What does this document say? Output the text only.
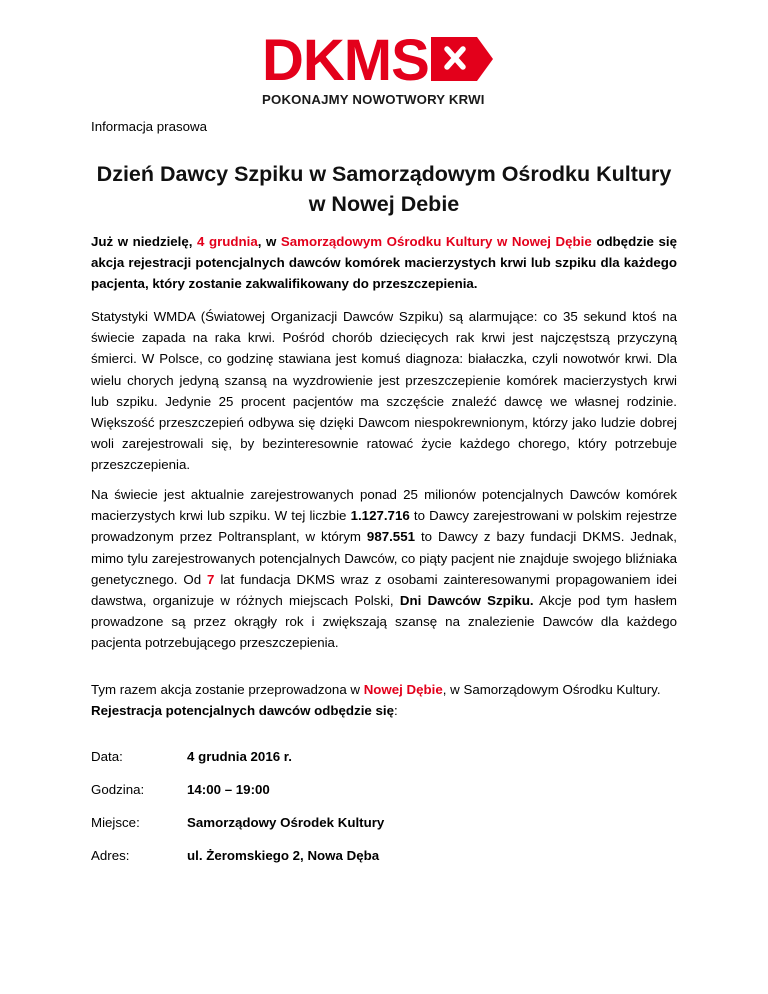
DKMS
POKONAJMY NOWOTWORY KRWI
Informacja prasowa
Dzień Dawcy Szpiku w Samorządowym Ośrodku Kultury w Nowej Debie
Już w niedzielę, 4 grudnia, w Samorządowym Ośrodku Kultury w Nowej Dębie odbędzie się akcja rejestracji potencjalnych dawców komórek macierzystych krwi lub szpiku dla każdego pacjenta, który zostanie zakwalifikowany do przeszczepienia.
Statystyki WMDA (Światowej Organizacji Dawców Szpiku) są alarmujące: co 35 sekund ktoś na świecie zapada na raka krwi. Pośród chorób dziecięcych rak krwi jest najczęstszą przyczyną śmierci. W Polsce, co godzinę stawiana jest komuś diagnoza: białaczka, czyli nowotwór krwi. Dla wielu chorych jedyną szansą na wyzdrowienie jest przeszczepienie komórek macierzystych krwi lub szpiku. Jedynie 25 procent pacjentów ma szczęście znaleźć dawcę we własnej rodzinie. Większość przeszczepień odbywa się dzięki Dawcom niespokrewnionym, którzy jako ludzie dobrej woli zarejestrowali się, by bezinteresownie ratować życie każdego chorego, który potrzebuje przeszczepienia.
Na świecie jest aktualnie zarejestrowanych ponad 25 milionów potencjalnych Dawców komórek macierzystych krwi lub szpiku. W tej liczbie 1.127.716 to Dawcy zarejestrowani w polskim rejestrze prowadzonym przez Poltransplant, w którym 987.551 to Dawcy z bazy fundacji DKMS. Jednak, mimo tylu zarejestrowanych potencjalnych Dawców, co piąty pacjent nie znajduje swojego bliźniaka genetycznego. Od 7 lat fundacja DKMS wraz z osobami zainteresowanymi propagowaniem idei dawstwa, organizuje w różnych miejscach Polski, Dni Dawców Szpiku. Akcje pod tym hasłem prowadzone są przez okrągły rok i zwiększają szansę na znalezienie Dawców dla każdego pacjenta potrzebującego przeszczepienia.
Tym razem akcja zostanie przeprowadzona w Nowej Dębie, w Samorządowym Ośrodku Kultury.
Rejestracja potencjalnych dawców odbędzie się:
Data:	4 grudnia 2016 r.
Godzina:	14:00 – 19:00
Miejsce:	Samorządowy Ośrodek Kultury
Adres:	ul. Żeromskiego 2, Nowa Dęba
